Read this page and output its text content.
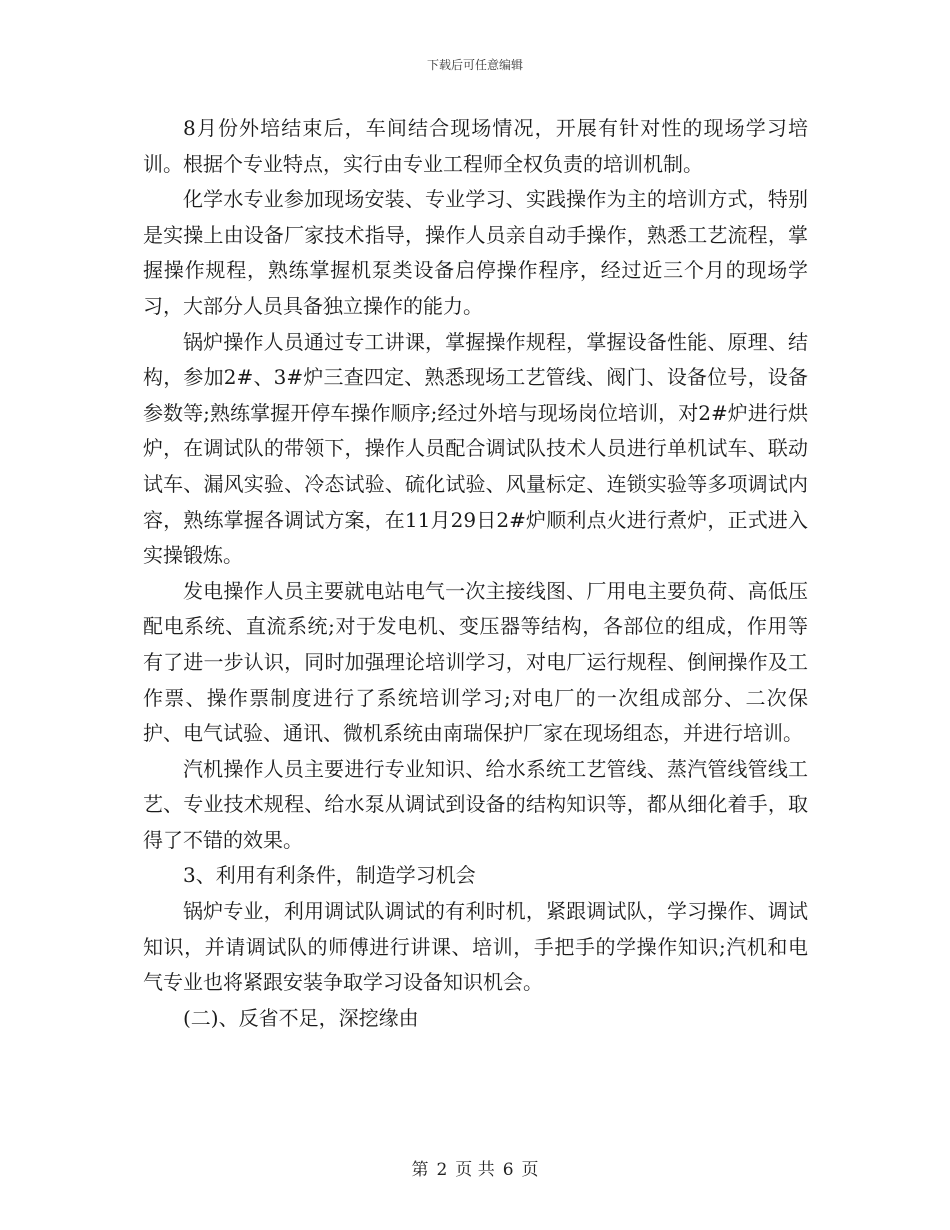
下载后可任意编辑

8月份外培结束后，车间结合现场情况，开展有针对性的现场学习培训。根据个专业特点，实行由专业工程师全权负责的培训机制。

化学水专业参加现场安装、专业学习、实践操作为主的培训方式，特别是实操上由设备厂家技术指导，操作人员亲自动手操作，熟悉工艺流程，掌握操作规程，熟练掌握机泵类设备启停操作程序，经过近三个月的现场学习，大部分人员具备独立操作的能力。

锅炉操作人员通过专工讲课，掌握操作规程，掌握设备性能、原理、结构，参加2#、3#炉三查四定、熟悉现场工艺管线、阀门、设备位号，设备参数等;熟练掌握开停车操作顺序;经过外培与现场岗位培训，对2#炉进行烘炉，在调试队的带领下，操作人员配合调试队技术人员进行单机试车、联动试车、漏风实验、冷态试验、硫化试验、风量标定、连锁实验等多项调试内容，熟练掌握各调试方案，在11月29日2#炉顺利点火进行煮炉，正式进入实操锻炼。

发电操作人员主要就电站电气一次主接线图、厂用电主要负荷、高低压配电系统、直流系统;对于发电机、变压器等结构，各部位的组成，作用等有了进一步认识，同时加强理论培训学习，对电厂运行规程、倒闸操作及工作票、操作票制度进行了系统培训学习;对电厂的一次组成部分、二次保护、电气试验、通讯、微机系统由南瑞保护厂家在现场组态，并进行培训。

汽机操作人员主要进行专业知识、给水系统工艺管线、蒸汽管线管线工艺、专业技术规程、给水泵从调试到设备的结构知识等，都从细化着手，取得了不错的效果。

3、利用有利条件，制造学习机会

锅炉专业，利用调试队调试的有利时机，紧跟调试队，学习操作、调试知识，并请调试队的师傅进行讲课、培训，手把手的学操作知识;汽机和电气专业也将紧跟安装争取学习设备知识机会。

(二)、反省不足，深挖缘由

第 2 页 共 6 页
